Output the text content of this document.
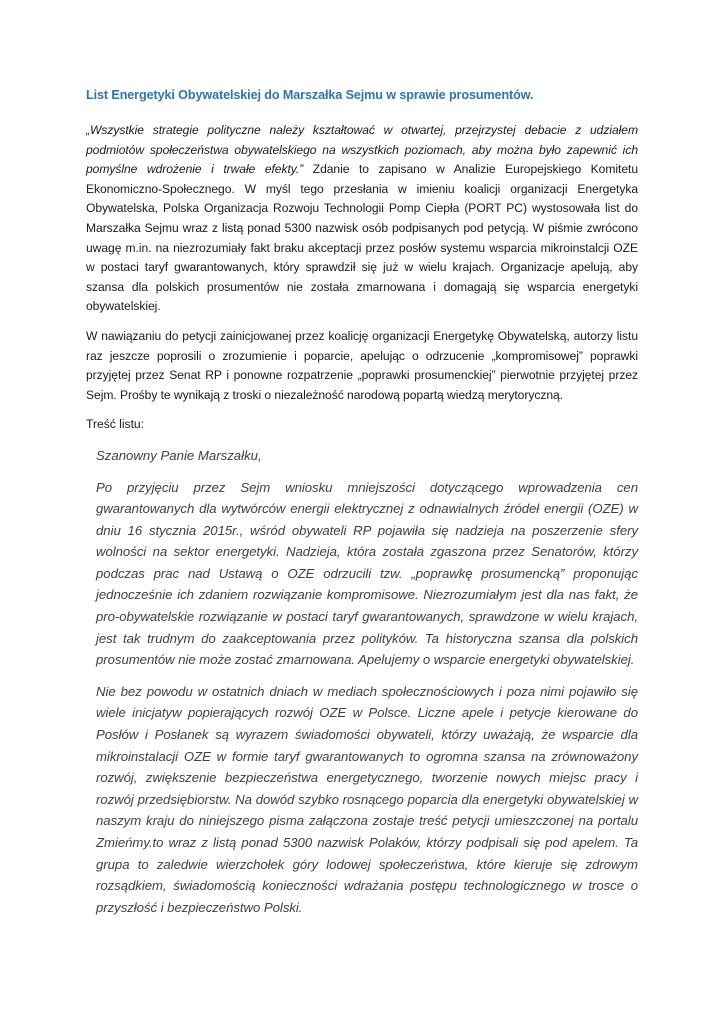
List Energetyki Obywatelskiej do Marszałka Sejmu w sprawie prosumentów.

„Wszystkie strategie polityczne należy kształtować w otwartej, przejrzystej debacie z udziałem podmiotów społeczeństwa obywatelskiego na wszystkich poziomach, aby można było zapewnić ich pomyślne wdrożenie i trwałe efekty.” Zdanie to zapisano w Analizie Europejskiego Komitetu Ekonomiczno-Społecznego. W myśl tego przesłania w imieniu koalicji organizacji Energetyka Obywatelska, Polska Organizacja Rozwoju Technologii Pomp Ciepła (PORT PC) wystosowała list do Marszałka Sejmu wraz z listą ponad 5300 nazwisk osób podpisanych pod petycją. W piśmie zwrócono uwagę m.in. na niezrozumiały fakt braku akceptacji przez posłów systemu wsparcia mikroinstalcji OZE w postaci taryf gwarantowanych, który sprawdził się już w wielu krajach. Organizacje apelują, aby szansa dla polskich prosumentów nie została zmarnowana i domagają się wsparcia energetyki obywatelskiej.

W nawiązaniu do petycji zainicjowanej przez koalicję organizacji Energetykę Obywatelską, autorzy listu raz jeszcze poprosili o zrozumienie i poparcie, apelując o odrzucenie „kompromisowej” poprawki przyjętej przez Senat RP i ponowne rozpatrzenie „poprawki prosumenckiej” pierwotnie przyjętej przez Sejm. Prośby te wynikają z troski o niezależność narodową popartą wiedzą merytoryczną.

Treść listu:

Szanowny Panie Marszałku,

Po przyjęciu przez Sejm wniosku mniejszości dotyczącego wprowadzenia cen gwarantowanych dla wytwórców energii elektrycznej z odnawialnych źródeł energii (OZE) w dniu 16 stycznia 2015r., wśród obywateli RP pojawiła się nadzieja na poszerzenie sfery wolności na sektor energetyki. Nadzieja, która została zgaszona przez Senatorów, którzy podczas prac nad Ustawą o OZE odrzucili tzw. „poprawkę prosumencką” proponując jednocześnie ich zdaniem rozwiązanie kompromisowe. Niezrozumiałym jest dla nas fakt, że pro-obywatelskie rozwiązanie w postaci taryf gwarantowanych, sprawdzone w wielu krajach, jest tak trudnym do zaakceptowania przez polityków. Ta historyczna szansa dla polskich prosumentów nie może zostać zmarnowana. Apelujemy o wsparcie energetyki obywatelskiej.

Nie bez powodu w ostatnich dniach w mediach społecznościowych i poza nimi pojawiło się wiele inicjatyw popierających rozwój OZE w Polsce. Liczne apele i petycje kierowane do Posłów i Posłanek są wyrazem świadomości obywateli, którzy uważają, że wsparcie dla mikroinstalacji OZE w formie taryf gwarantowanych to ogromna szansa na zrównoważony rozwój, zwiększenie bezpieczeństwa energetycznego, tworzenie nowych miejsc pracy i rozwój przedsiębiorstw. Na dowód szybko rosnącego poparcia dla energetyki obywatelskiej w naszym kraju do niniejszego pisma załączona zostaje treść petycji umieszczonej na portalu Zmieńmy.to wraz z listą ponad 5300 nazwisk Polaków, którzy podpisali się pod apelem. Ta grupa to zaledwie wierzchołek góry lodowej społeczeństwa, które kieruje się zdrowym rozsądkiem, świadomością konieczności wdrażania postępu technologicznego w trosce o przyszłość i bezpieczeństwo Polski.
